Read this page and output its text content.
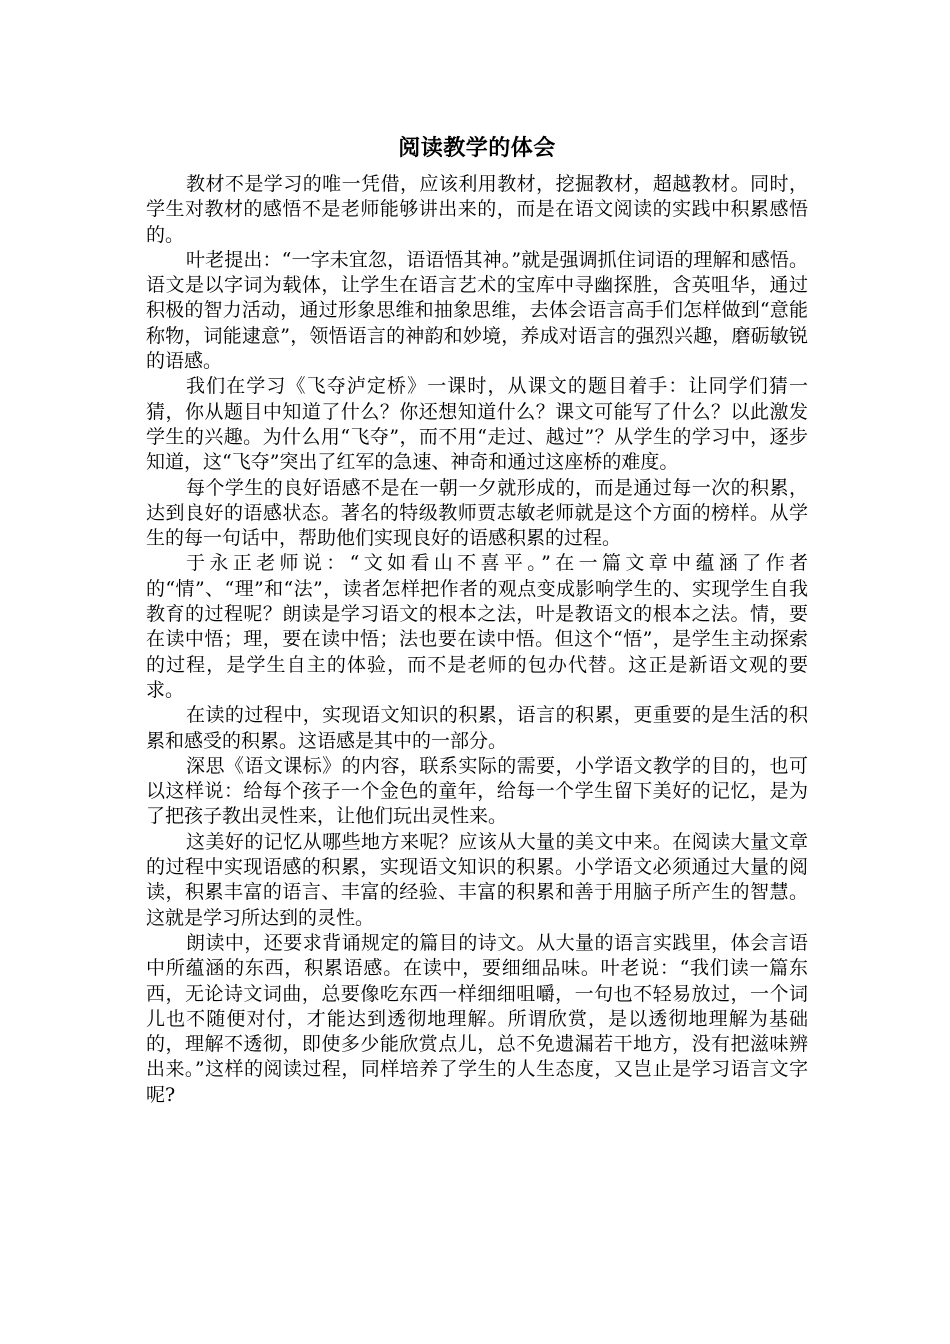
阅读教学的体会

教材不是学习的唯一凭借，应该利用教材，挖掘教材，超越教材。同时，学生对教材的感悟不是老师能够讲出来的，而是在语文阅读的实践中积累感悟的。

叶老提出：“一字未宜忽，语语悟其神。”就是强调抓住词语的理解和感悟。语文是以字词为载体，让学生在语言艺术的宝库中寻幽探胜，含英咀华，通过积极的智力活动，通过形象思维和抽象思维，去体会语言高手们怎样做到“意能称物，词能逮意”，领悟语言的神韵和妙境，养成对语言的强烈兴趣，磨砺敏锐的语感。

我们在学习《飞夺泸定桥》一课时，从课文的题目着手：让同学们猜一猜，你从题目中知道了什么？你还想知道什么？课文可能写了什么？以此激发学生的兴趣。为什么用“飞夺”，而不用“走过、越过”？从学生的学习中，逐步知道，这“飞夺”突出了红军的急速、神奇和通过这座桥的难度。

每个学生的良好语感不是在一朝一夕就形成的，而是通过每一次的积累，达到良好的语感状态。著名的特级教师贾志敏老师就是这个方面的榜样。从学生的每一句话中，帮助他们实现良好的语感积累的过程。

于永正老师说：“文如看山不喜平。”在一篇文章中蕴涵了作者的“情”、“理”和“法”，读者怎样把作者的观点变成影响学生的、实现学生自我教育的过程呢？朗读是学习语文的根本之法，叶是教语文的根本之法。情，要在读中悟；理，要在读中悟；法也要在读中悟。但这个“悟”，是学生主动探索的过程，是学生自主的体验，而不是老师的包办代替。这正是新语文观的要求。

在读的过程中，实现语文知识的积累，语言的积累，更重要的是生活的积累和感受的积累。这语感是其中的一部分。

深思《语文课标》的内容，联系实际的需要，小学语文教学的目的，也可以这样说：给每个孩子一个金色的童年，给每一个学生留下美好的记忆，是为了把孩子教出灵性来，让他们玩出灵性来。

这美好的记忆从哪些地方来呢？应该从大量的美文中来。在阅读大量文章的过程中实现语感的积累，实现语文知识的积累。小学语文必须通过大量的阅读，积累丰富的语言、丰富的经验、丰富的积累和善于用脑子所产生的智慧。这就是学习所达到的灵性。

朗读中，还要求背诵规定的篇目的诗文。从大量的语言实践里，体会言语中所蕴涵的东西，积累语感。在读中，要细细品味。叶老说：“我们读一篇东西，无论诗文词曲，总要像吃东西一样细细咀嚼，一句也不轻易放过，一个词儿也不随便对付，才能达到透彻地理解。所谓欣赏，是以透彻地理解为基础的，理解不透彻，即使多少能欣赏点儿，总不免遗漏若干地方，没有把滋味辨出来。”这样的阅读过程，同样培养了学生的人生态度，又岂止是学习语言文字呢?
